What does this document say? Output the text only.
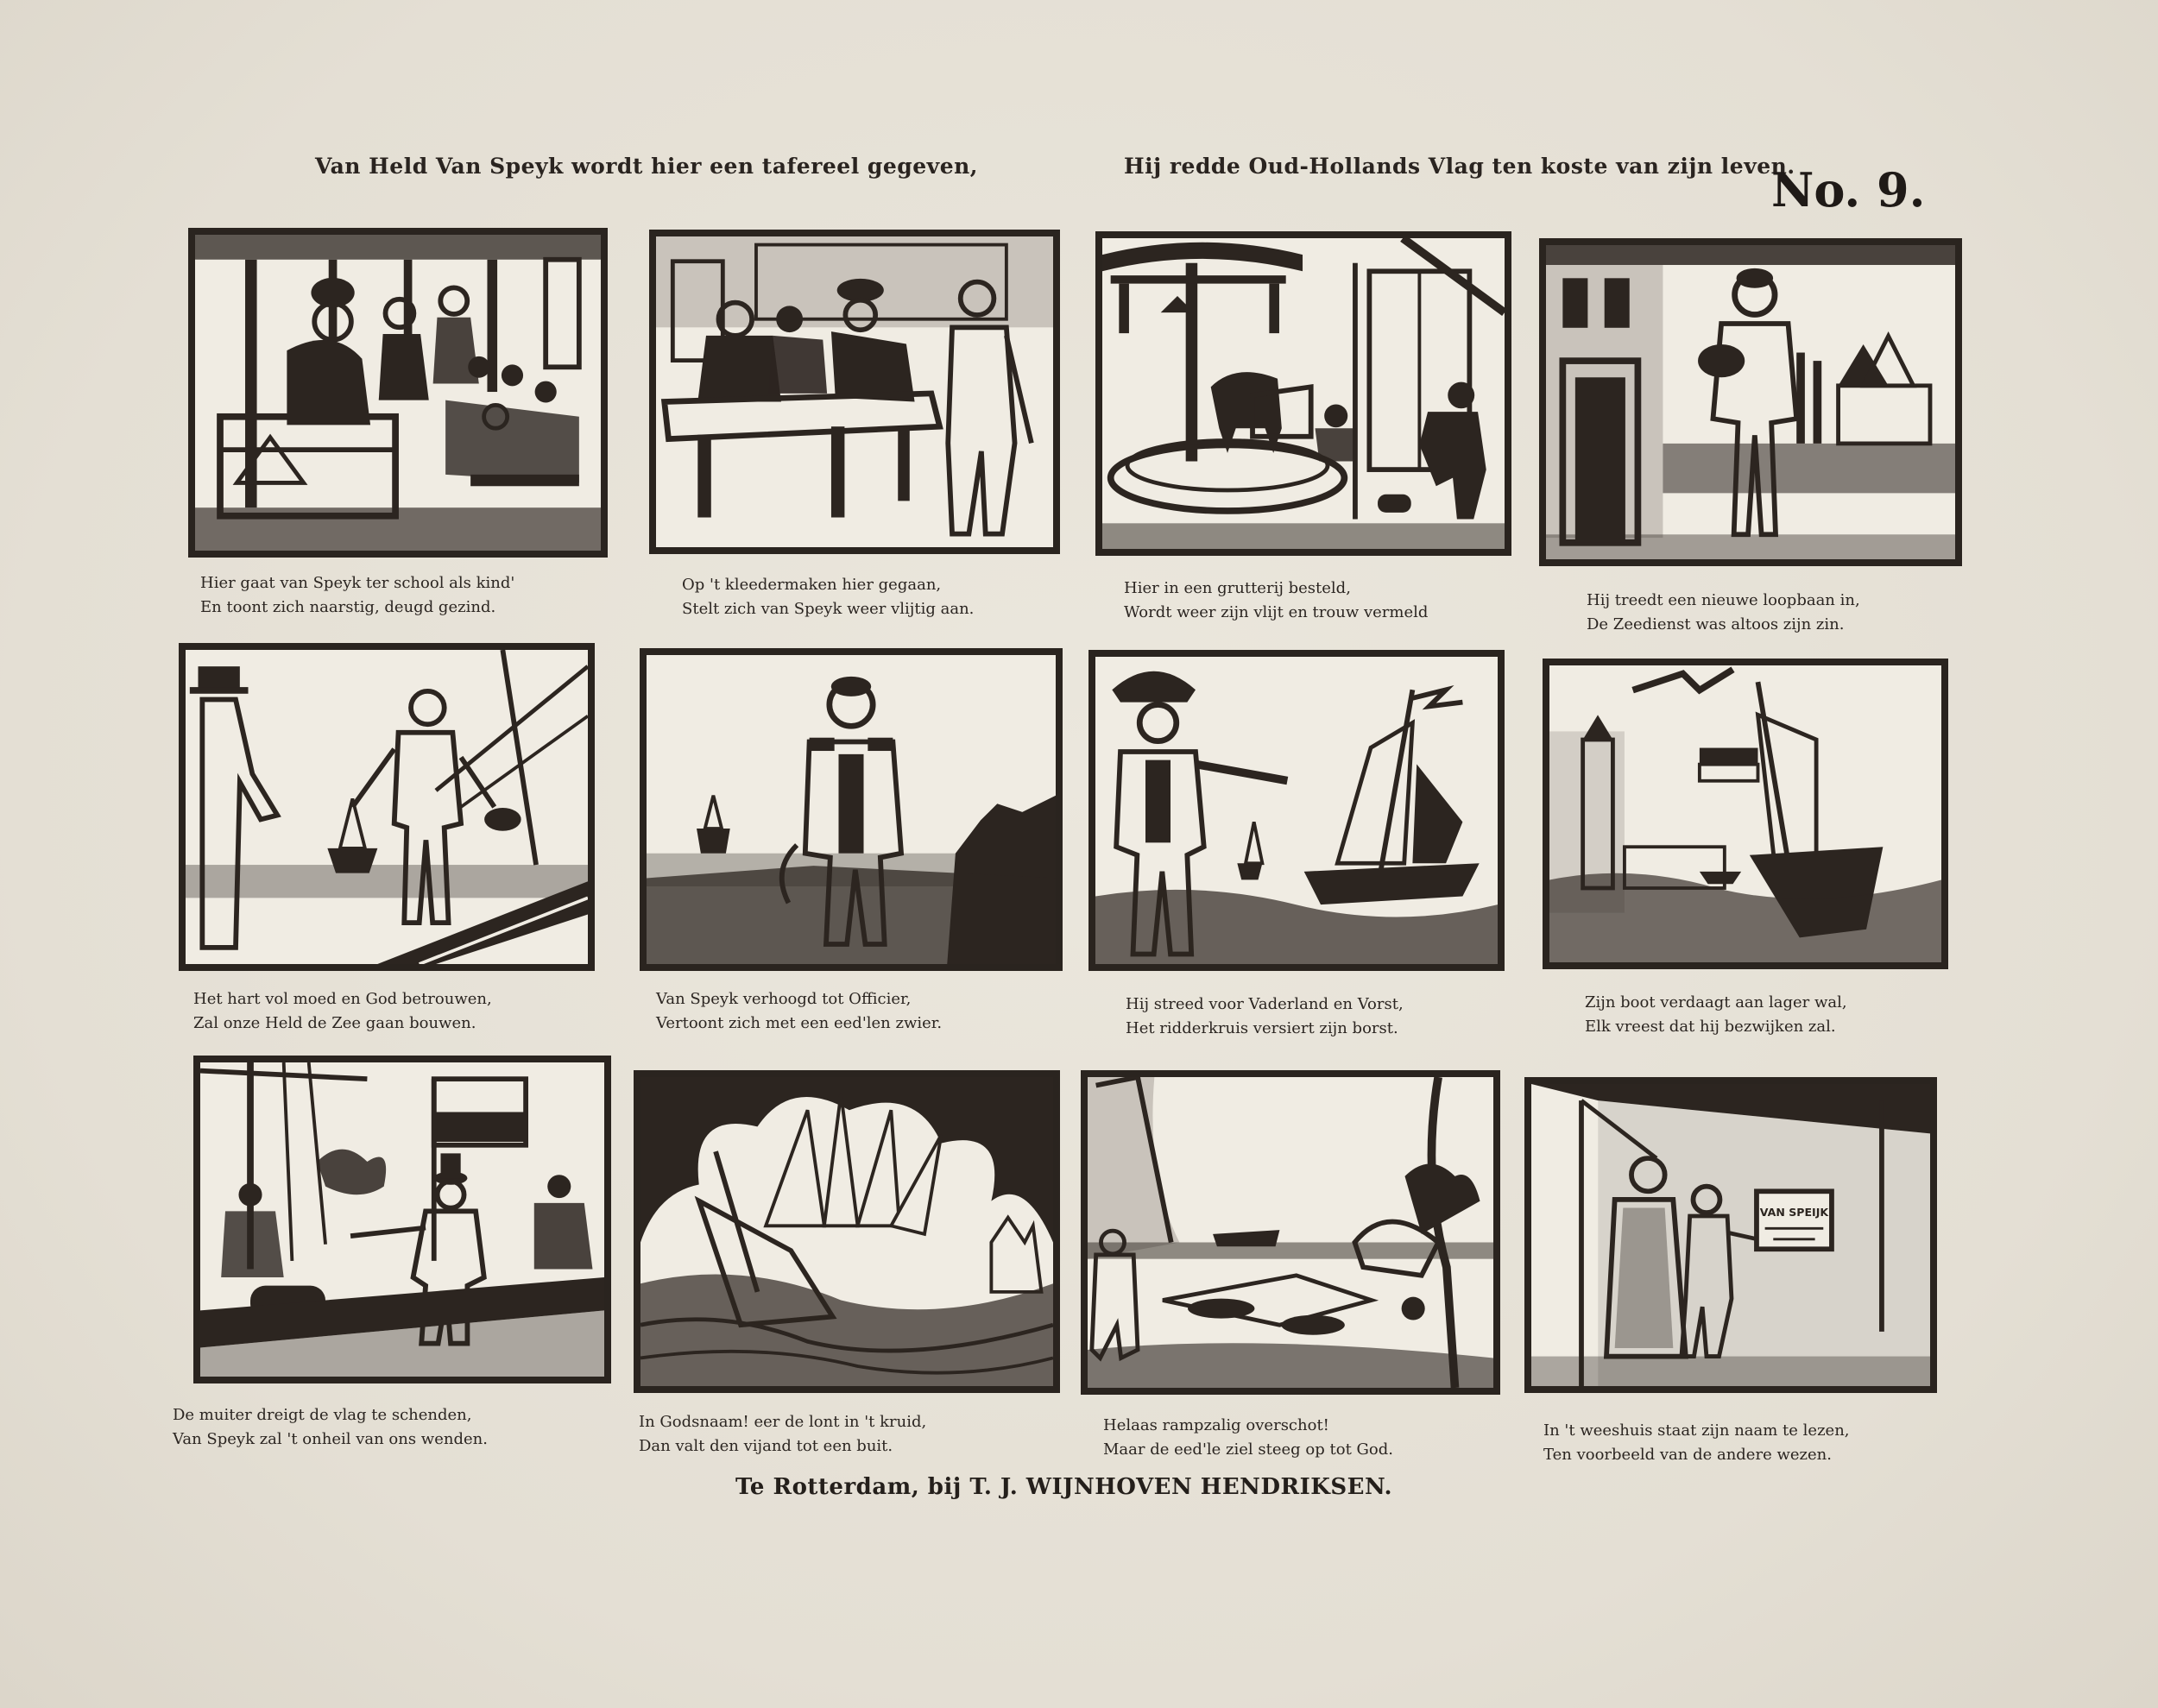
Van Held Van Speyk wordt hier een tafereel gegeven,	Hij redde Oud-Hollands Vlag ten koste van zijn leven.
No. 9.
Hier gaat van Speyk ter school als kind'
En toont zich naarstig, deugd gezind.
Op 't kleedermaken hier gegaan,
Stelt zich van Speyk weer vlijtig aan.
Hier in een grutterij besteld,
Wordt weer zijn vlijt en trouw vermeld
Hij treedt een nieuwe loopbaan in,
De Zeedienst was altoos zijn zin.
Het hart vol moed en God betrouwen,
Zal onze Held de Zee gaan bouwen.
Van Speyk verhoogd tot Officier,
Vertoont zich met een eed'len zwier.
Hij streed voor Vaderland en Vorst,
Het ridderkruis versiert zijn borst.
Zijn boot verdaagt aan lager wal,
Elk vreest dat hij bezwijken zal.
VAN SPEIJK
De muiter dreigt de vlag te schenden,
Van Speyk zal 't onheil van ons wenden.
In Godsnaam! eer de lont in 't kruid,
Dan valt den vijand tot een buit.
Helaas rampzalig overschot!
Maar de eed'le ziel steeg op tot God.
In 't weeshuis staat zijn naam te lezen,
Ten voorbeeld van de andere wezen.
Te Rotterdam, bij T. J. WIJNHOVEN HENDRIKSEN.
